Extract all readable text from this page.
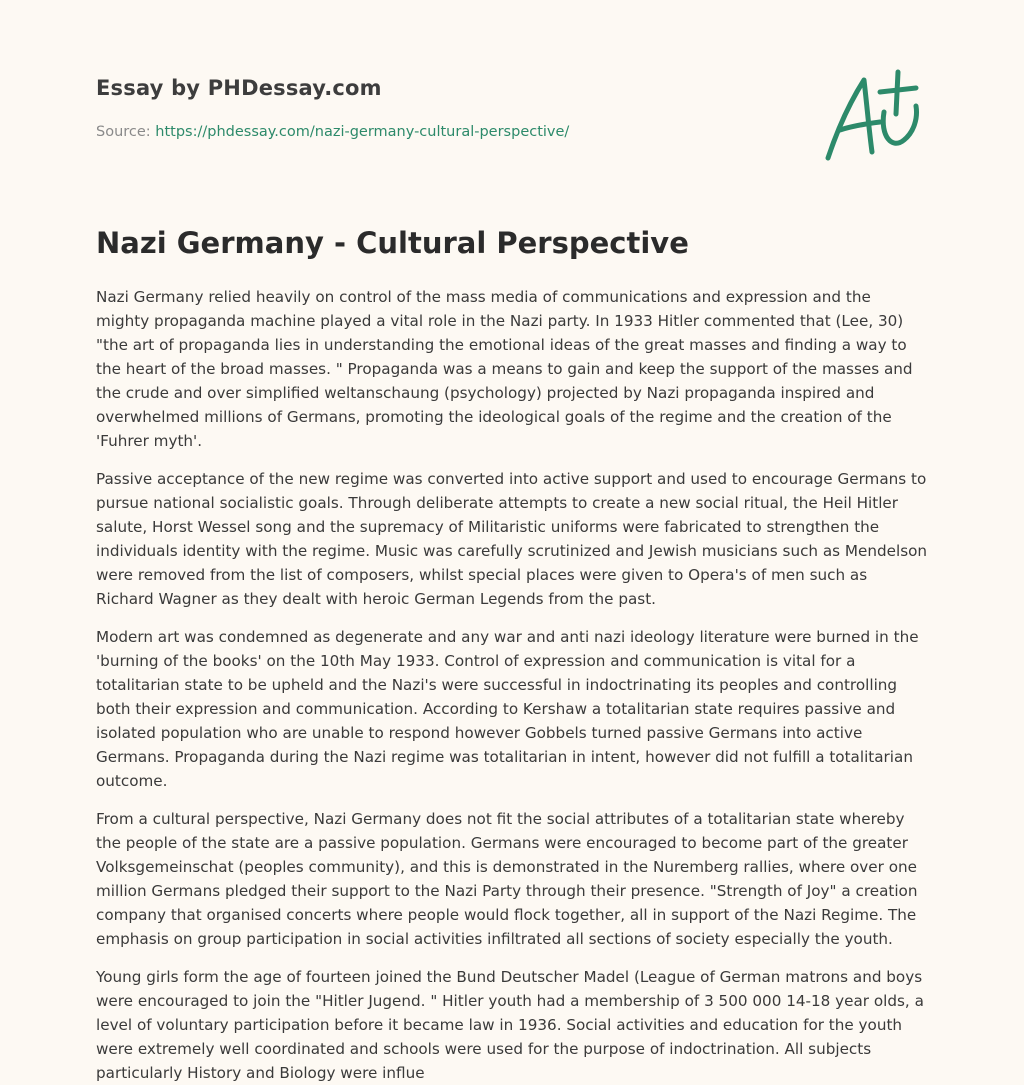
Essay by PHDessay.com
Source: https://phdessay.com/nazi-germany-cultural-perspective/
Nazi Germany - Cultural Perspective

Nazi Germany relied heavily on control of the mass media of communications and expression and the mighty propaganda machine played a vital role in the Nazi party. In 1933 Hitler commented that (Lee, 30) "the art of propaganda lies in understanding the emotional ideas of the great masses and finding a way to the heart of the broad masses. " Propaganda was a means to gain and keep the support of the masses and the crude and over simplified weltanschaung (psychology) projected by Nazi propaganda inspired and overwhelmed millions of Germans, promoting the ideological goals of the regime and the creation of the 'Fuhrer myth'.

Passive acceptance of the new regime was converted into active support and used to encourage Germans to pursue national socialistic goals. Through deliberate attempts to create a new social ritual, the Heil Hitler salute, Horst Wessel song and the supremacy of Militaristic uniforms were fabricated to strengthen the individuals identity with the regime. Music was carefully scrutinized and Jewish musicians such as Mendelson were removed from the list of composers, whilst special places were given to Opera's of men such as Richard Wagner as they dealt with heroic German Legends from the past.

Modern art was condemned as degenerate and any war and anti nazi ideology literature were burned in the 'burning of the books' on the 10th May 1933. Control of expression and communication is vital for a totalitarian state to be upheld and the Nazi's were successful in indoctrinating its peoples and controlling both their expression and communication. According to Kershaw a totalitarian state requires passive and isolated population who are unable to respond however Gobbels turned passive Germans into active Germans. Propaganda during the Nazi regime was totalitarian in intent, however did not fulfill a totalitarian outcome.

From a cultural perspective, Nazi Germany does not fit the social attributes of a totalitarian state whereby the people of the state are a passive population. Germans were encouraged to become part of the greater Volksgemeinschat (peoples community), and this is demonstrated in the Nuremberg rallies, where over one million Germans pledged their support to the Nazi Party through their presence. "Strength of Joy" a creation company that organised concerts where people would flock together, all in support of the Nazi Regime. The emphasis on group participation in social activities infiltrated all sections of society especially the youth.

Young girls form the age of fourteen joined the Bund Deutscher Madel (League of German matrons and boys were encouraged to join the "Hitler Jugend. " Hitler youth had a membership of 3 500 000 14-18 year olds, a level of voluntary participation before it became law in 1936. Social activities and education for the youth were extremely well coordinated and schools were used for the purpose of indoctrination. All subjects particularly History and Biology were influe
